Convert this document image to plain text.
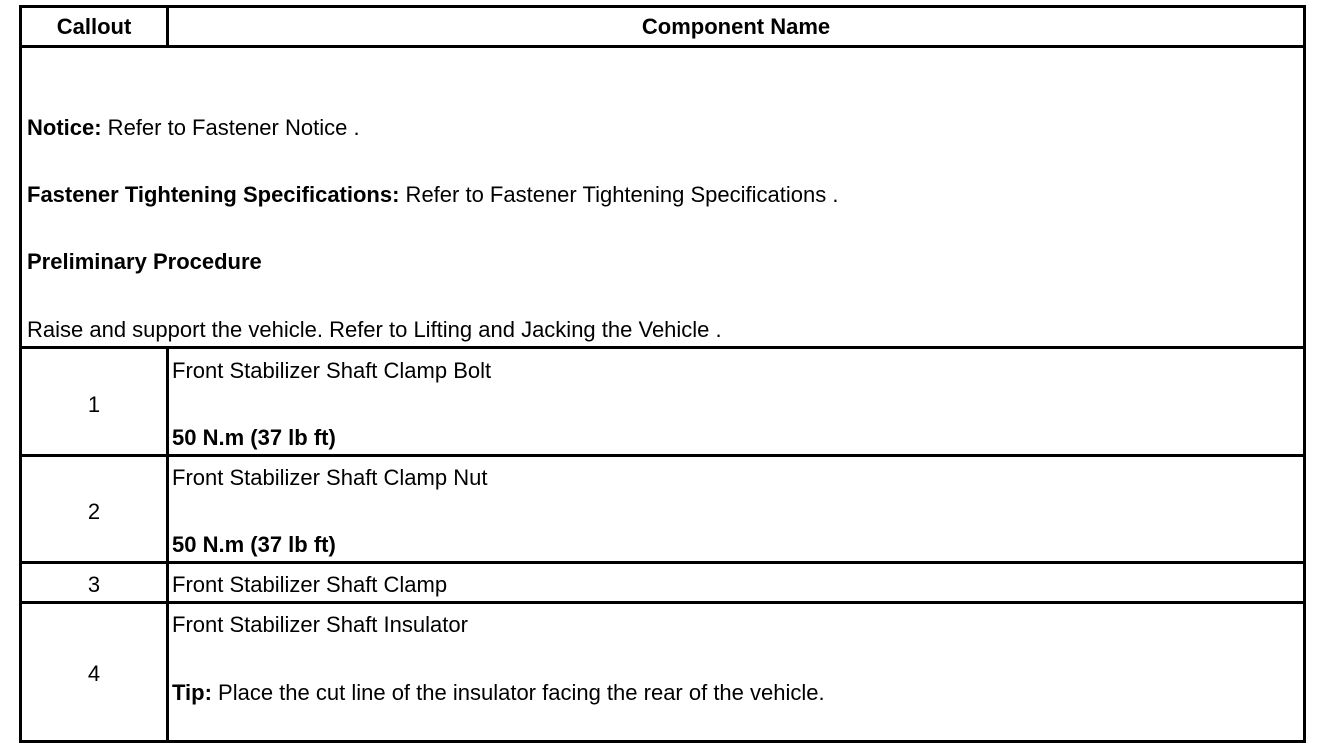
Callout	Component Name
Notice: Refer to Fastener Notice .
Fastener Tightening Specifications: Refer to Fastener Tightening Specifications .
Preliminary Procedure
Raise and support the vehicle. Refer to Lifting and Jacking the Vehicle .
1
Front Stabilizer Shaft Clamp Bolt
50 N.m (37 lb ft)
2
Front Stabilizer Shaft Clamp Nut
50 N.m (37 lb ft)
3	Front Stabilizer Shaft Clamp
4
Front Stabilizer Shaft Insulator
Tip: Place the cut line of the insulator facing the rear of the vehicle.
